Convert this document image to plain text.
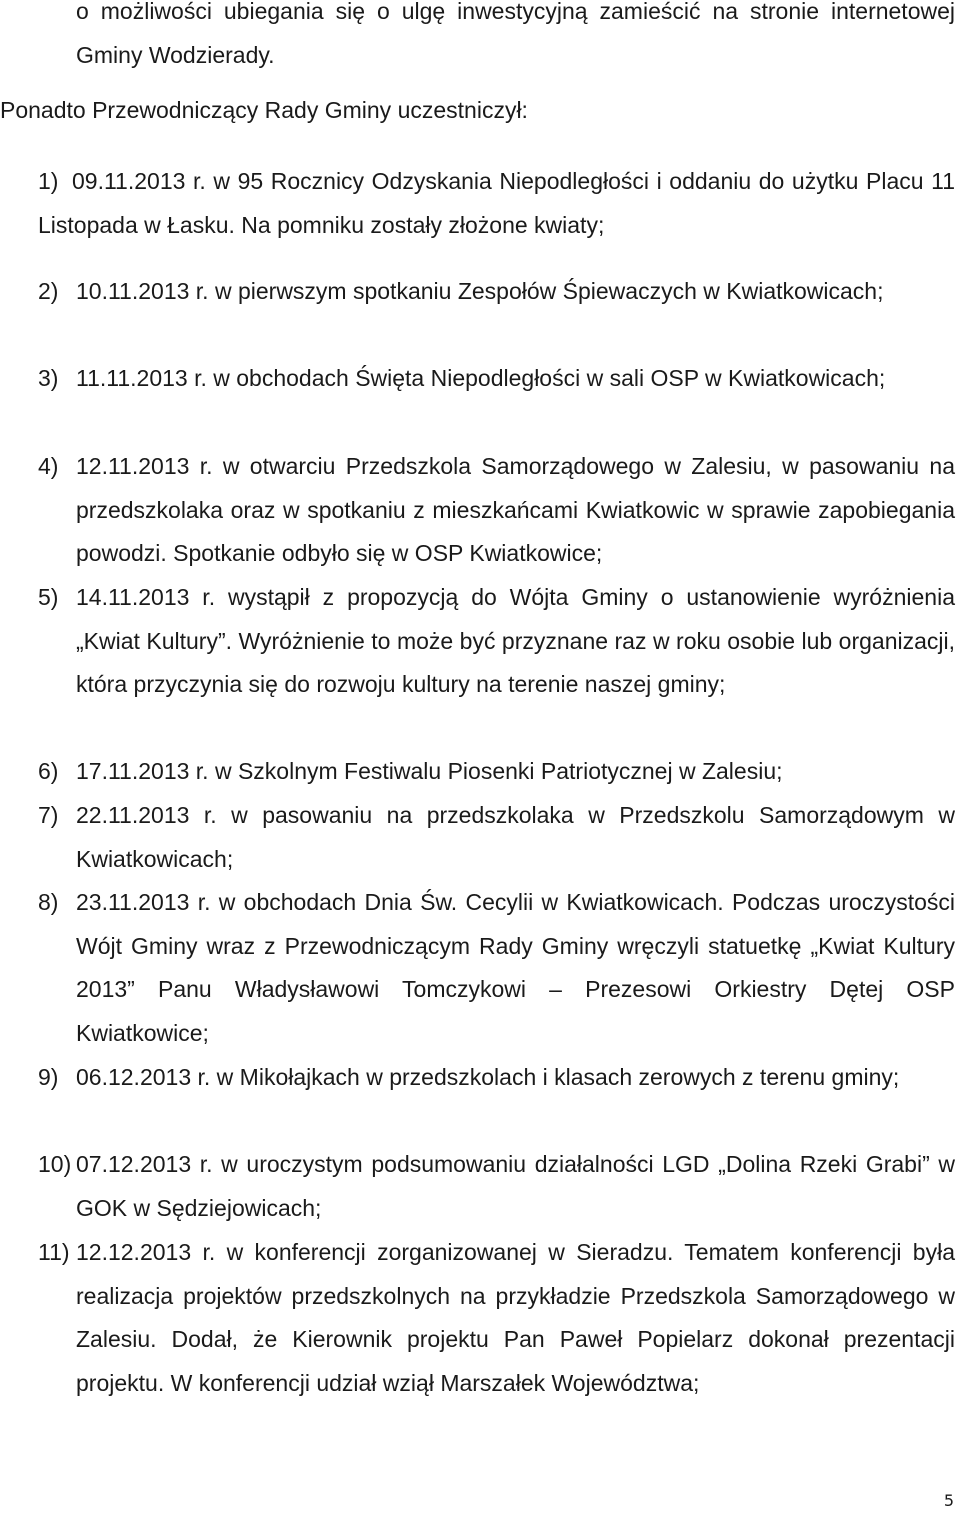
o możliwości ubiegania się o ulgę inwestycyjną zamieścić na stronie internetowej Gminy Wodzierady.

Ponadto Przewodniczący Rady Gminy uczestniczył:

1) 09.11.2013 r. w 95 Rocznicy Odzyskania Niepodległości i oddaniu do użytku Placu 11 Listopada w Łasku. Na pomniku zostały złożone kwiaty;
2) 10.11.2013 r. w pierwszym spotkaniu Zespołów Śpiewaczych w Kwiatkowicach;
3) 11.11.2013 r. w obchodach Święta Niepodległości w sali OSP w Kwiatkowicach;
4) 12.11.2013 r. w otwarciu Przedszkola Samorządowego w Zalesiu, w pasowaniu na przedszkolaka oraz w spotkaniu z mieszkańcami Kwiatkowic w sprawie zapobiegania powodzi. Spotkanie odbyło się w OSP Kwiatkowice;
5) 14.11.2013 r. wystąpił z propozycją do Wójta Gminy o ustanowienie wyróżnienia „Kwiat Kultury”. Wyróżnienie to może być przyznane raz w roku osobie lub organizacji, która przyczynia się do rozwoju kultury na terenie naszej gminy;
6) 17.11.2013 r. w Szkolnym Festiwalu Piosenki Patriotycznej w Zalesiu;
7) 22.11.2013 r. w pasowaniu na przedszkolaka w Przedszkolu Samorządowym w Kwiatkowicach;
8) 23.11.2013 r. w obchodach Dnia Św. Cecylii w Kwiatkowicach. Podczas uroczystości Wójt Gminy wraz z Przewodniczącym Rady Gminy wręczyli statuetkę „Kwiat Kultury 2013” Panu Władysławowi Tomczykowi – Prezesowi Orkiestry Dętej OSP Kwiatkowice;
9) 06.12.2013 r. w Mikołajkach w przedszkolach i klasach zerowych z terenu gminy;
10) 07.12.2013 r. w uroczystym podsumowaniu działalności LGD „Dolina Rzeki Grabi” w GOK w Sędziejowicach;
11) 12.12.2013 r. w konferencji zorganizowanej w Sieradzu. Tematem konferencji była realizacja projektów przedszkolnych na przykładzie Przedszkola Samorządowego w Zalesiu. Dodał, że Kierownik projektu Pan Paweł Popielarz dokonał prezentacji projektu. W konferencji udział wziął Marszałek Województwa;
5
